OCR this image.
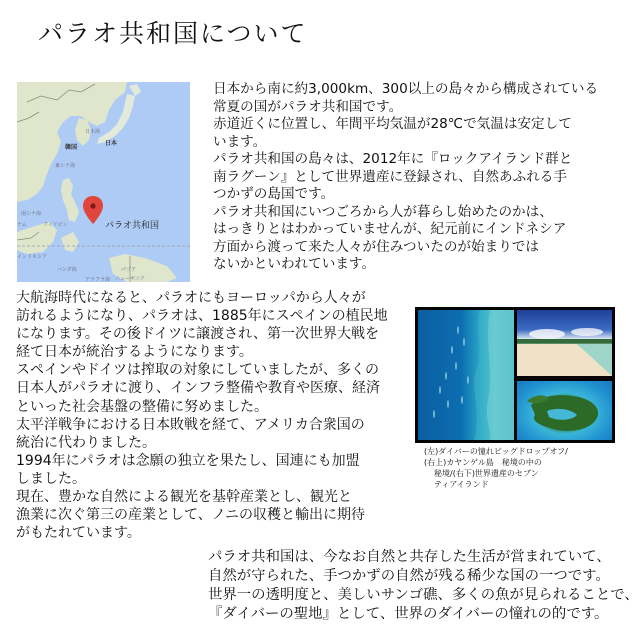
パラオ共和国について
日本海
韓国
日本
東シナ海
南シナ海
ナム	フィリピン	パラオ共和国
インドネシア
バンダ海
アラフラ海
パプア
ニューギニア
日本から南に約3,000km、300以上の島々から構成されている
常夏の国がパラオ共和国です。
赤道近くに位置し、年間平均気温が28℃で気温は安定して
います。
パラオ共和国の島々は、2012年に『ロックアイランド群と
南ラグーン』として世界遺産に登録され、自然あふれる手
つかずの島国です。
パラオ共和国にいつごろから人が暮らし始めたのかは、
はっきりとはわかっていませんが、紀元前にインドネシア
方面から渡って来た人々が住みついたのが始まりでは
ないかといわれています。
大航海時代になると、パラオにもヨーロッパから人々が
訪れるようになり、パラオは、1885年にスペインの植民地
になります。その後ドイツに譲渡され、第一次世界大戦を
経て日本が統治するようになります。
スペインやドイツは搾取の対象にしていましたが、多くの
日本人がパラオに渡り、インフラ整備や教育や医療、経済
といった社会基盤の整備に努めました。
太平洋戦争における日本敗戦を経て、アメリカ合衆国の
統治に代わりました。
1994年にパラオは念願の独立を果たし、国連にも加盟
しました。
現在、豊かな自然による観光を基幹産業とし、観光と
漁業に次ぐ第三の産業として、ノニの収穫と輸出に期待
がもたれています。
(左)ダイバーの憧れビッグドロップオフ/
(右上)カヤンゲル島　秘境の中の
秘境/(右下)世界遺産のセブン
ティアイランド
パラオ共和国は、今なお自然と共存した生活が営まれていて、
自然が守られた、手つかずの自然が残る稀少な国の一つです。
世界一の透明度と、美しいサンゴ礁、多くの魚が見られることで、
『ダイバーの聖地』として、世界のダイバーの憧れの的です。
